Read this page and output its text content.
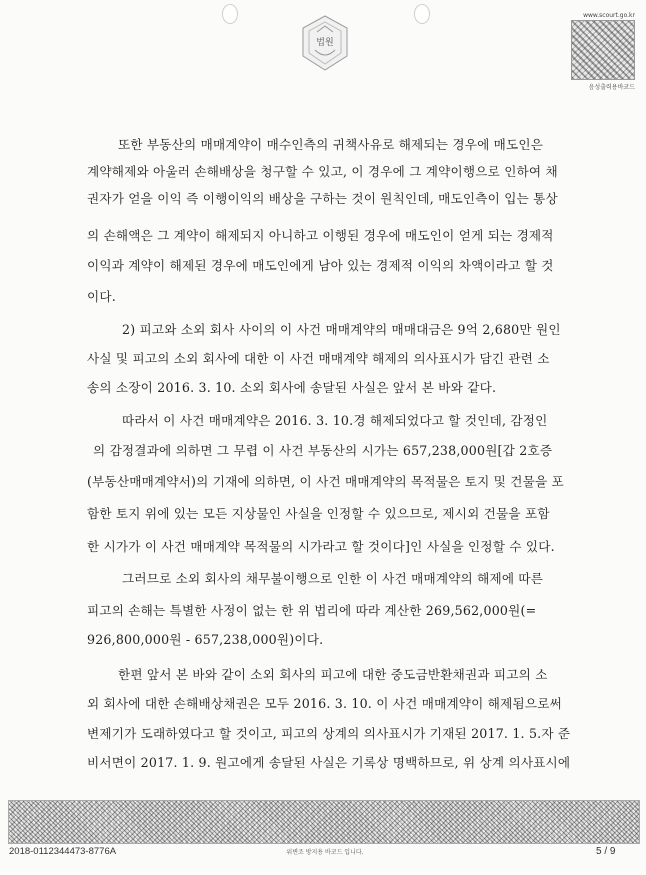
법원
www.scourt.go.kr
음성출력용바코드
또한 부동산의 매매계약이 매수인측의 귀책사유로 해제되는 경우에 매도인은
계약해제와 아울러 손해배상을 청구할 수 있고, 이 경우에 그 계약이행으로 인하여 채
권자가 얻을 이익 즉 이행이익의 배상을 구하는 것이 원칙인데, 매도인측이 입는 통상
의 손해액은 그 계약이 해제되지 아니하고 이행된 경우에 매도인이 얻게 되는 경제적
이익과 계약이 해제된 경우에 매도인에게 남아 있는 경제적 이익의 차액이라고 할 것
이다.
2) 피고와 소외 회사 사이의 이 사건 매매계약의 매매대금은 9억 2,680만 원인
사실 및 피고의 소외 회사에 대한 이 사건 매매계약 해제의 의사표시가 담긴 관련 소
송의 소장이 2016. 3. 10. 소외 회사에 송달된 사실은 앞서 본 바와 같다.
따라서 이 사건 매매계약은 2016. 3. 10.경 해제되었다고 할 것인데, 감정인
의 감정결과에 의하면 그 무렵 이 사건 부동산의 시가는 657,238,000원[갑 2호증
(부동산매매계약서)의 기재에 의하면, 이 사건 매매계약의 목적물은 토지 및 건물을 포
함한 토지 위에 있는 모든 지상물인 사실을 인정할 수 있으므로, 제시외 건물을 포함
한 시가가 이 사건 매매계약 목적물의 시가라고 할 것이다]인 사실을 인정할 수 있다.
그러므로 소외 회사의 채무불이행으로 인한 이 사건 매매계약의 해제에 따른
피고의 손해는 특별한 사정이 없는 한 위 법리에 따라 계산한 269,562,000원(=
926,800,000원 - 657,238,000원)이다.
한편 앞서 본 바와 같이 소외 회사의 피고에 대한 중도금반환채권과 피고의 소
외 회사에 대한 손해배상채권은 모두 2016. 3. 10. 이 사건 매매계약이 해제됨으로써
변제기가 도래하였다고 할 것이고, 피고의 상계의 의사표시가 기재된 2017. 1. 5.자 준
비서면이 2017. 1. 9. 원고에게 송달된 사실은 기록상 명백하므로, 위 상계 의사표시에
2018-0112344473-8776A	위변조 방지용 바코드 입니다.	5 / 9
